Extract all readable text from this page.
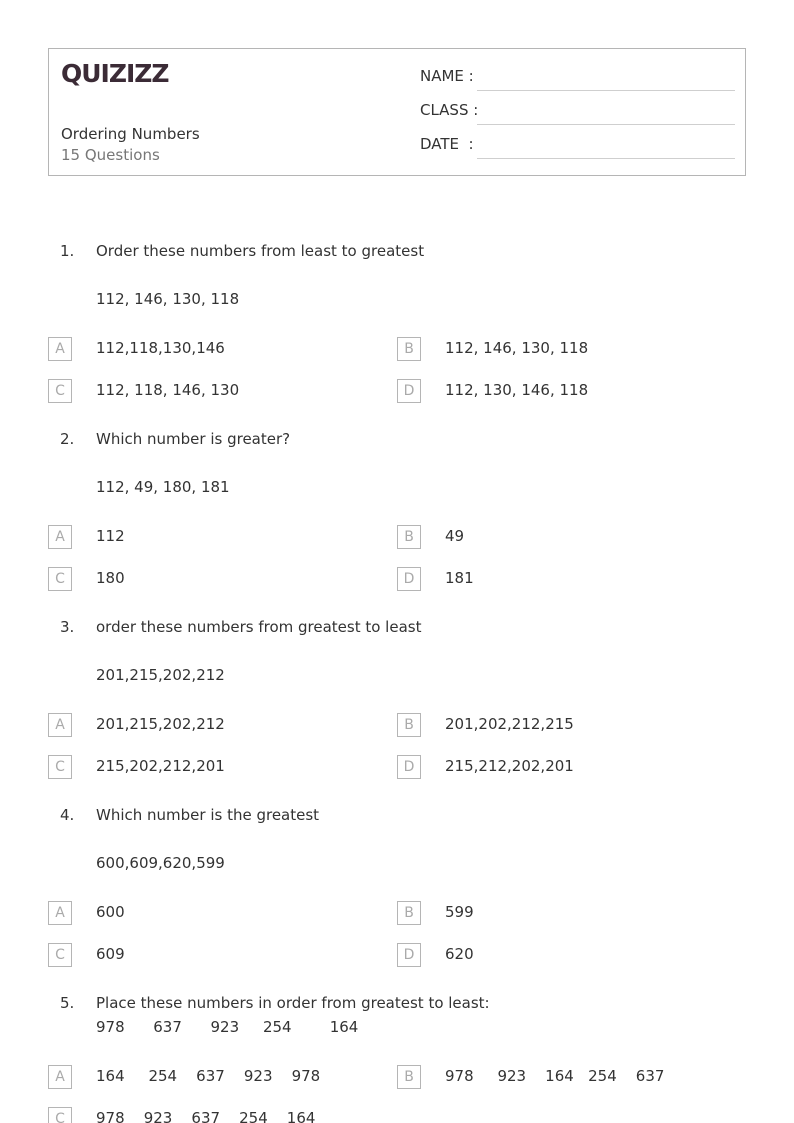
QUIZIZZ
Ordering Numbers
15 Questions
NAME :
CLASS :
DATE  :
1. Order these numbers from least to greatest
112, 146, 130, 118
A	112,118,130,146	B	112, 146, 130, 118
C	112, 118, 146, 130	D	112, 130, 146, 118
2. Which number is greater?
112, 49, 180, 181
A	112	B	49
C	180	D	181
3. order these numbers from greatest to least
201,215,202,212
A	201,215,202,212	B	201,202,212,215
C	215,202,212,201	D	215,212,202,201
4. Which number is the greatest
600,609,620,599
A	600	B	599
C	609	D	620
5. Place these numbers in order from greatest to least:
978      637      923     254        164
A	164     254    637    923    978	B	978     923    164   254    637
C	978    923    637    254    164
